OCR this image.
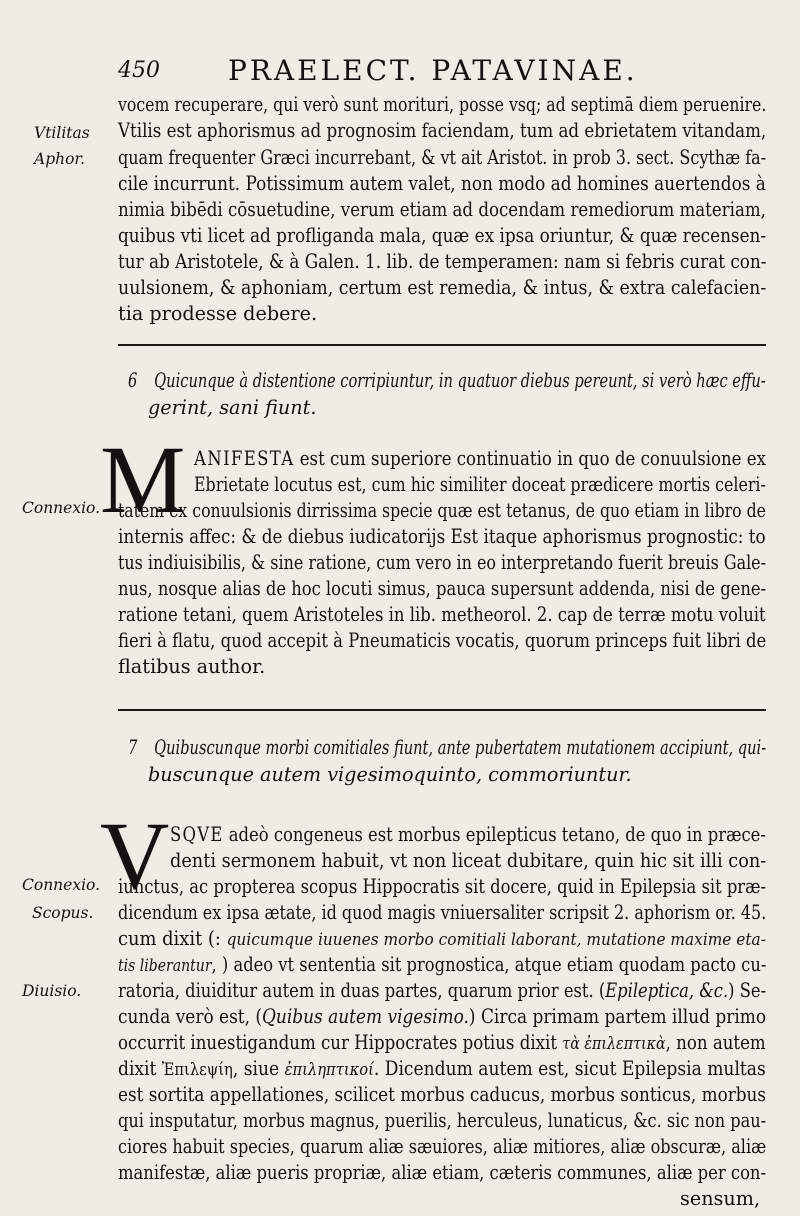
450 PRAELECT. PATAVINAE.
Vtilitas
Aphor.
Connexio.
Connexio.
Scopus.
Diuisio.
vocem recuperare, qui verò sunt morituri, posse vsq; ad septimā diem peruenire.
Vtilis est aphorismus ad prognosim faciendam, tum ad ebrietatem vitandam,
quam frequenter Græci incurrebant, & vt ait Aristot. in prob 3. sect. Scythæ fa-
cile incurrunt. Potissimum autem valet, non modo ad homines auertendos à
nimia bibēdi cōsuetudine, verum etiam ad docendam remediorum materiam,
quibus vti licet ad profliganda mala, quæ ex ipsa oriuntur, & quæ recensen-
tur ab Aristotele, & à Galen. 1. lib. de temperamen: nam si febris curat con-
uulsionem, & aphoniam, certum est remedia, & intus, & extra calefacien-
tia prodesse debere.
6 Quicunque à distentione corripiuntur, in quatuor diebus pereunt, si verò hæc effu-
gerint, sani fiunt.
M ANIFESTA est cum superiore continuatio in quo de conuulsione ex
Ebrietate locutus est, cum hic similiter doceat prædicere mortis celeri-
tatem ex conuulsionis dirrissima specie quæ est tetanus, de quo etiam in libro de
internis affec: & de diebus iudicatorijs Est itaque aphorismus prognostic: to
tus indiuisibilis, & sine ratione, cum vero in eo interpretando fuerit breuis Gale-
nus, nosque alias de hoc locuti simus, pauca supersunt addenda, nisi de gene-
ratione tetani, quem Aristoteles in lib. metheorol. 2. cap de terræ motu voluit
fieri à flatu, quod accepit à Pneumaticis vocatis, quorum princeps fuit libri de
flatibus author.
7 Quibuscunque morbi comitiales fiunt, ante pubertatem mutationem accipiunt, qui-
buscunque autem vigesimoquinto, commoriuntur.
V SQVE adeò congeneus est morbus epilepticus tetano, de quo in præce-
denti sermonem habuit, vt non liceat dubitare, quin hic sit illi con-
iunctus, ac propterea scopus Hippocratis sit docere, quid in Epilepsia sit præ-
dicendum ex ipsa ætate, id quod magis vniuersaliter scripsit 2. aphorism or. 45.
cum dixit (: quicumque iuuenes morbo comitiali laborant, mutatione maxime eta-
tis liberantur, ) adeo vt sententia sit prognostica, atque etiam quodam pacto cu-
ratoria, diuiditur autem in duas partes, quarum prior est. (Epileptica, &c.) Se-
cunda verò est, (Quibus autem vigesimo.) Circa primam partem illud primo
occurrit inuestigandum cur Hippocrates potius dixit τὰ ἐπιλεπτικὰ, non autem
dixit Ἐπιλεψίη, siue ἐπιληπτικοί. Dicendum autem est, sicut Epilepsia multas
est sortita appellationes, scilicet morbus caducus, morbus sonticus, morbus
qui insputatur, morbus magnus, puerilis, herculeus, lunaticus, &c. sic non pau-
ciores habuit species, quarum aliæ sæuiores, aliæ mitiores, aliæ obscuræ, aliæ
manifestæ, aliæ pueris propriæ, aliæ etiam, cæteris communes, aliæ per con-
sensum,
